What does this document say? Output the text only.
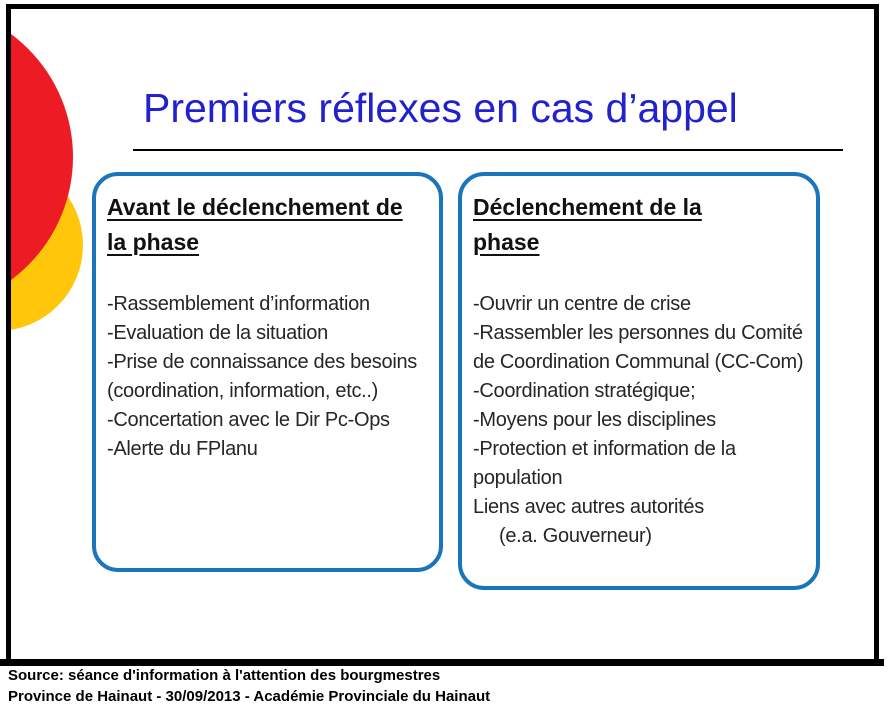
Premiers réflexes en cas d’appel
Avant le déclenchement de la phase
-Rassemblement d’information
-Evaluation de la situation
-Prise de connaissance des besoins (coordination, information, etc..)
-Concertation avec le Dir Pc-Ops
-Alerte du FPlanu
Déclenchement de la phase
-Ouvrir un centre de crise
-Rassembler les personnes du Comité de Coordination Communal (CC-Com)
-Coordination stratégique;
-Moyens pour les disciplines
-Protection et information de la population
Liens avec autres autorités
(e.a. Gouverneur)
Source: séance d'information à l'attention des bourgmestres
Province de Hainaut - 30/09/2013 - Académie Provinciale du Hainaut
